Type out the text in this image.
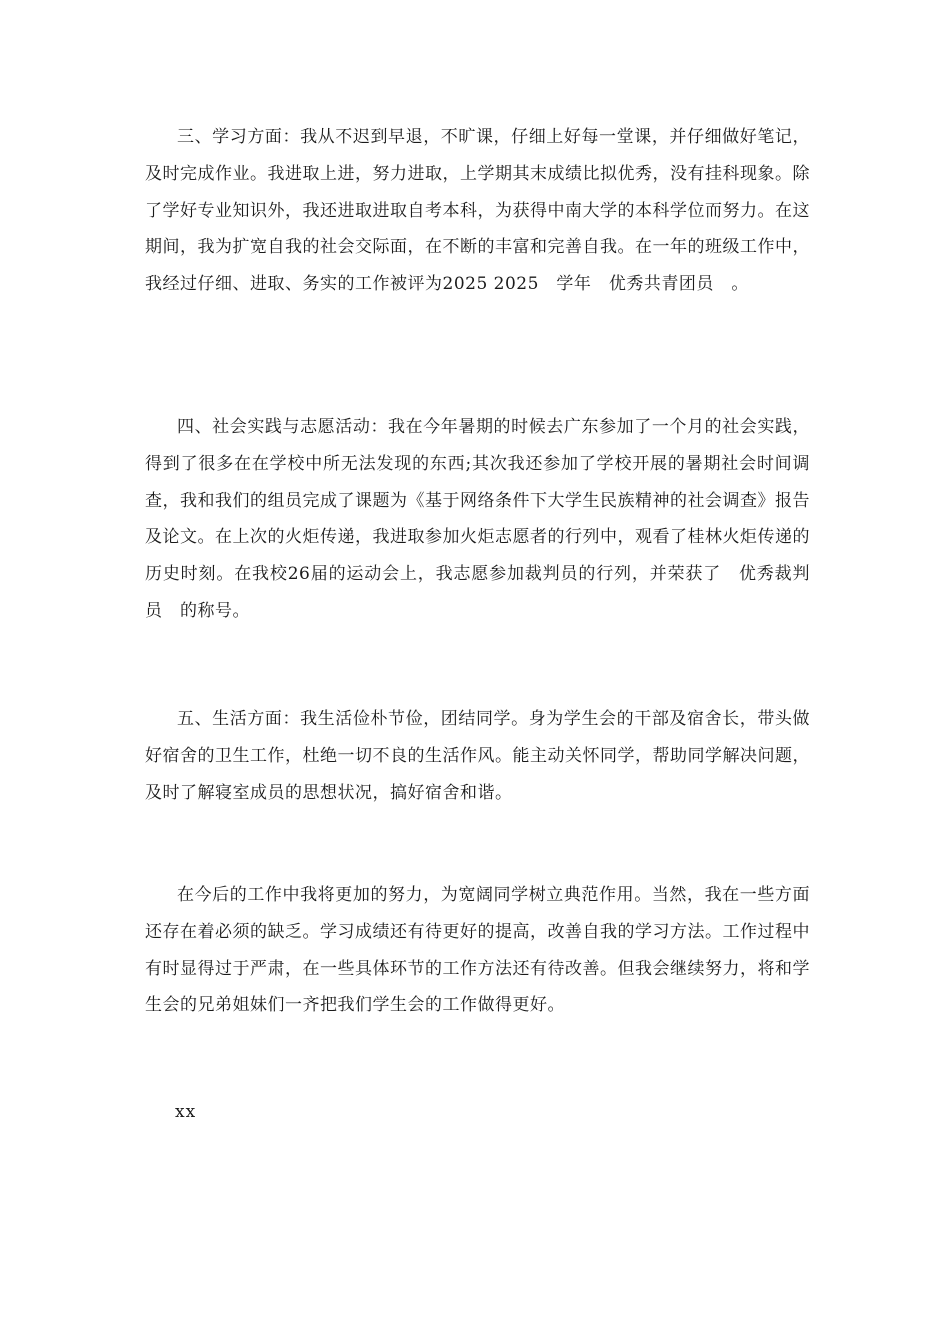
三、学习方面：我从不迟到早退，不旷课，仔细上好每一堂课，并仔细做好笔记，及时完成作业。我进取上进，努力进取，上学期其末成绩比拟优秀，没有挂科现象。除了学好专业知识外，我还进取进取自考本科，为获得中南大学的本科学位而努力。在这期间，我为扩宽自我的社会交际面，在不断的丰富和完善自我。在一年的班级工作中，我经过仔细、进取、务实的工作被评为2025 2025　学年　优秀共青团员　。

四、社会实践与志愿活动：我在今年暑期的时候去广东参加了一个月的社会实践，得到了很多在在学校中所无法发现的东西;其次我还参加了学校开展的暑期社会时间调查，我和我们的组员完成了课题为《基于网络条件下大学生民族精神的社会调查》报告及论文。在上次的火炬传递，我进取参加火炬志愿者的行列中，观看了桂林火炬传递的历史时刻。在我校26届的运动会上，我志愿参加裁判员的行列，并荣获了　优秀裁判员　的称号。

五、生活方面：我生活俭朴节俭，团结同学。身为学生会的干部及宿舍长，带头做好宿舍的卫生工作，杜绝一切不良的生活作风。能主动关怀同学，帮助同学解决问题，及时了解寝室成员的思想状况，搞好宿舍和谐。

在今后的工作中我将更加的努力，为宽阔同学树立典范作用。当然，我在一些方面还存在着必须的缺乏。学习成绩还有待更好的提高，改善自我的学习方法。工作过程中有时显得过于严肃，在一些具体环节的工作方法还有待改善。但我会继续努力，将和学生会的兄弟姐妹们一齐把我们学生会的工作做得更好。

xx
